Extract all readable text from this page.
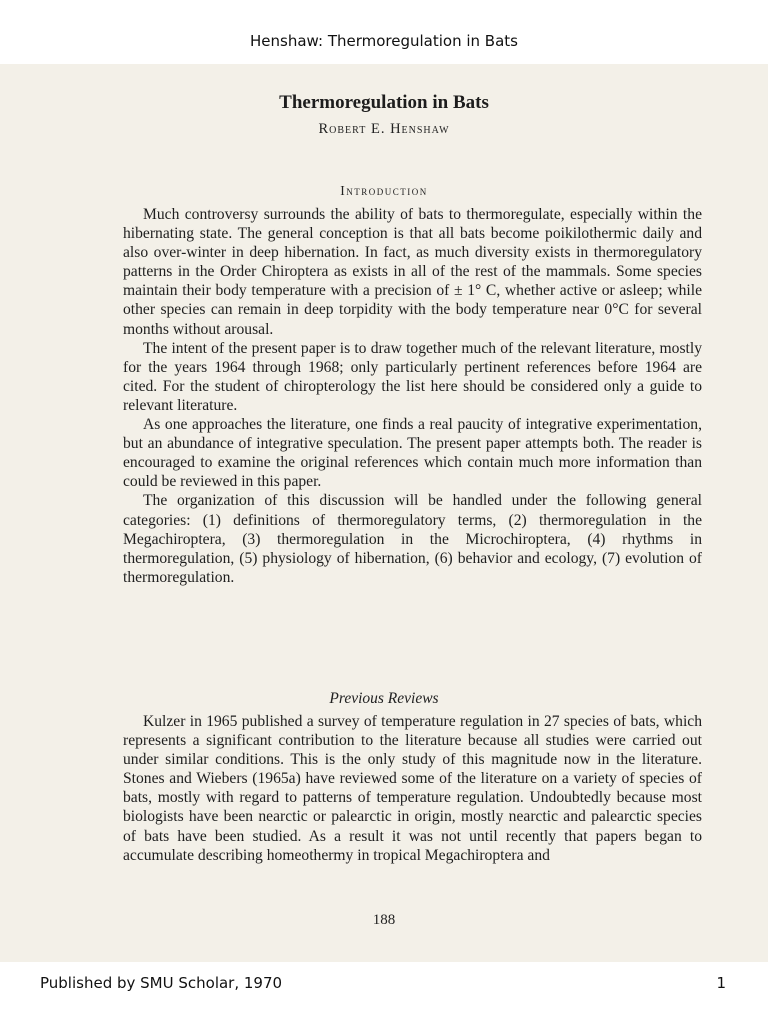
Henshaw: Thermoregulation in Bats
Thermoregulation in Bats
Robert E. Henshaw
Introduction

Much controversy surrounds the ability of bats to thermoregulate, especially within the hibernating state. The general conception is that all bats become poikilothermic daily and also over-winter in deep hibernation. In fact, as much diversity exists in thermoregulatory patterns in the Order Chiroptera as exists in all of the rest of the mammals. Some species maintain their body temperature with a precision of ± 1° C, whether active or asleep; while other species can remain in deep torpidity with the body temperature near 0°C for several months without arousal.

The intent of the present paper is to draw together much of the relevant literature, mostly for the years 1964 through 1968; only particularly pertinent references before 1964 are cited. For the student of chiropterology the list here should be considered only a guide to relevant literature.

As one approaches the literature, one finds a real paucity of integrative experimentation, but an abundance of integrative speculation. The present paper attempts both. The reader is encouraged to examine the original references which contain much more information than could be reviewed in this paper.

The organization of this discussion will be handled under the following general categories: (1) definitions of thermoregulatory terms, (2) thermoregulation in the Megachiroptera, (3) thermoregulation in the Microchiroptera, (4) rhythms in thermoregulation, (5) physiology of hibernation, (6) behavior and ecology, (7) evolution of thermoregulation.

Previous Reviews

Kulzer in 1965 published a survey of temperature regulation in 27 species of bats, which represents a significant contribution to the literature because all studies were carried out under similar conditions. This is the only study of this magnitude now in the literature. Stones and Wiebers (1965a) have reviewed some of the literature on a variety of species of bats, mostly with regard to patterns of temperature regulation. Undoubtedly because most biologists have been nearctic or palearctic in origin, mostly nearctic and palearctic species of bats have been studied. As a result it was not until recently that papers began to accumulate describing homeothermy in tropical Megachiroptera and

188
Published by SMU Scholar, 1970	1
